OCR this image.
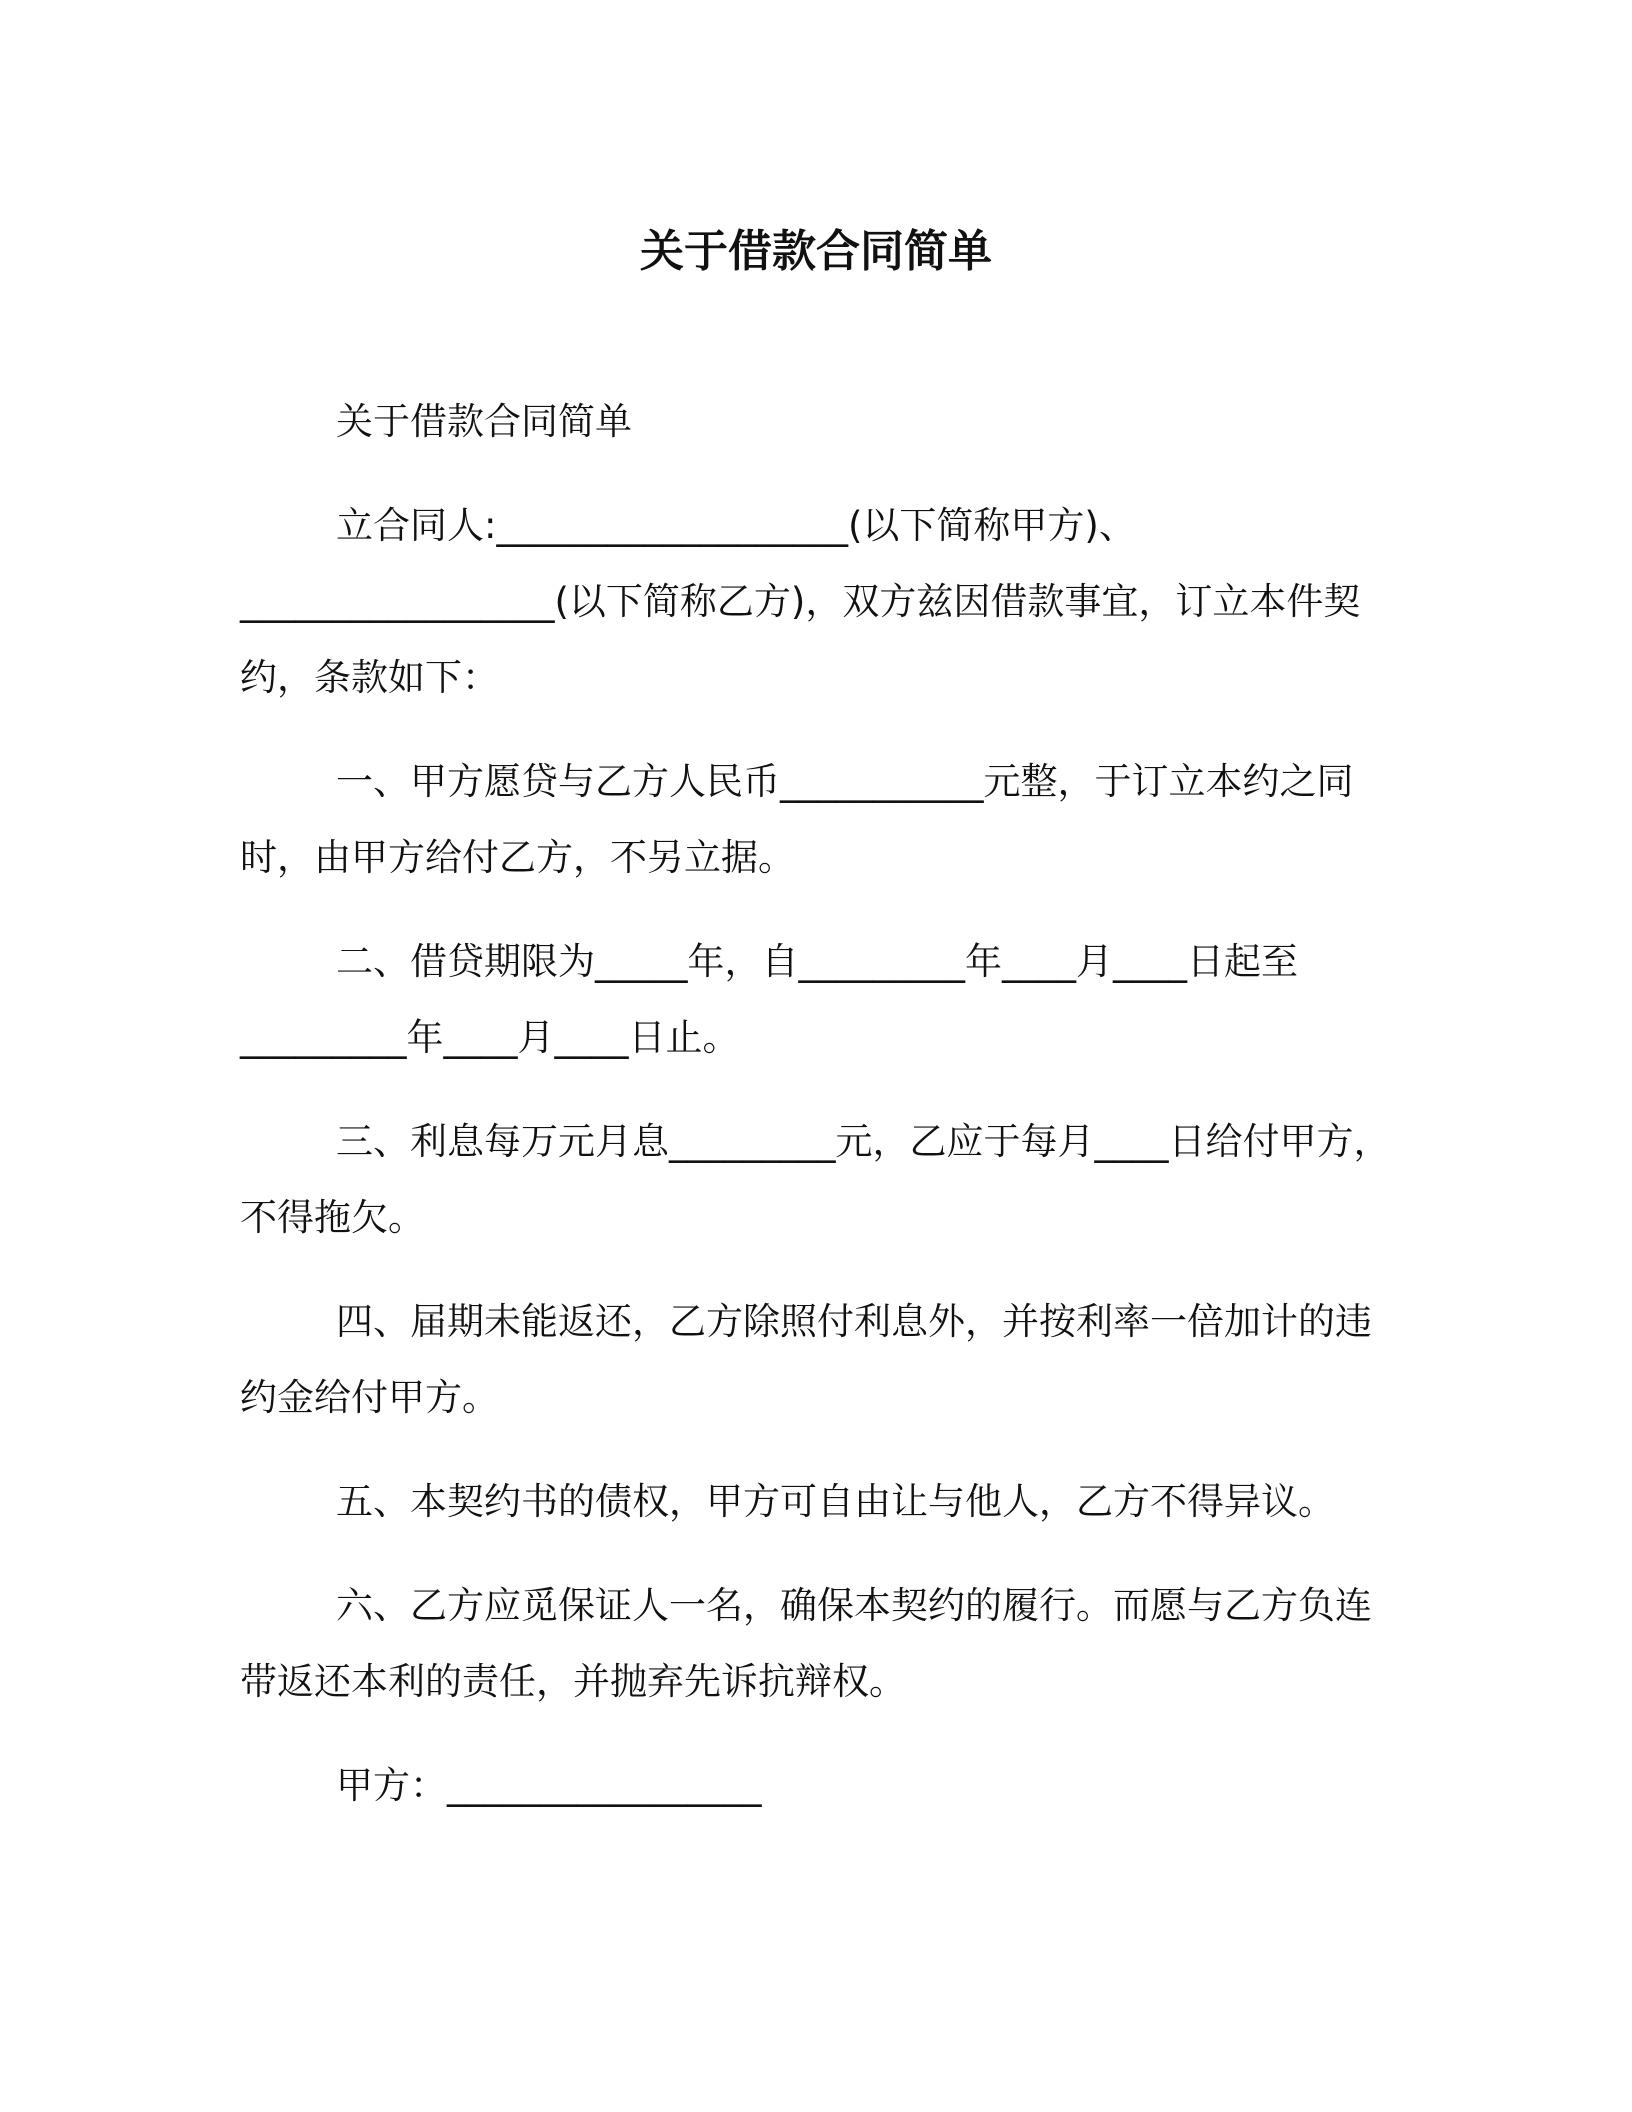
关于借款合同简单
关于借款合同简单
立合同人:___________________(以下简称甲方)、
_________________(以下简称乙方)，双方兹因借款事宜，订立本件契
约，条款如下：
一、甲方愿贷与乙方人民币___________元整，于订立本约之同
时，由甲方给付乙方，不另立据。
二、借贷期限为_____年，自_________年____月____日起至
_________年____月____日止。
三、利息每万元月息_________元，乙应于每月____日给付甲方，
不得拖欠。
四、届期未能返还，乙方除照付利息外，并按利率一倍加计的违
约金给付甲方。
五、本契约书的债权，甲方可自由让与他人，乙方不得异议。
六、乙方应觅保证人一名，确保本契约的履行。而愿与乙方负连
带返还本利的责任，并抛弃先诉抗辩权。
甲方：_________________
